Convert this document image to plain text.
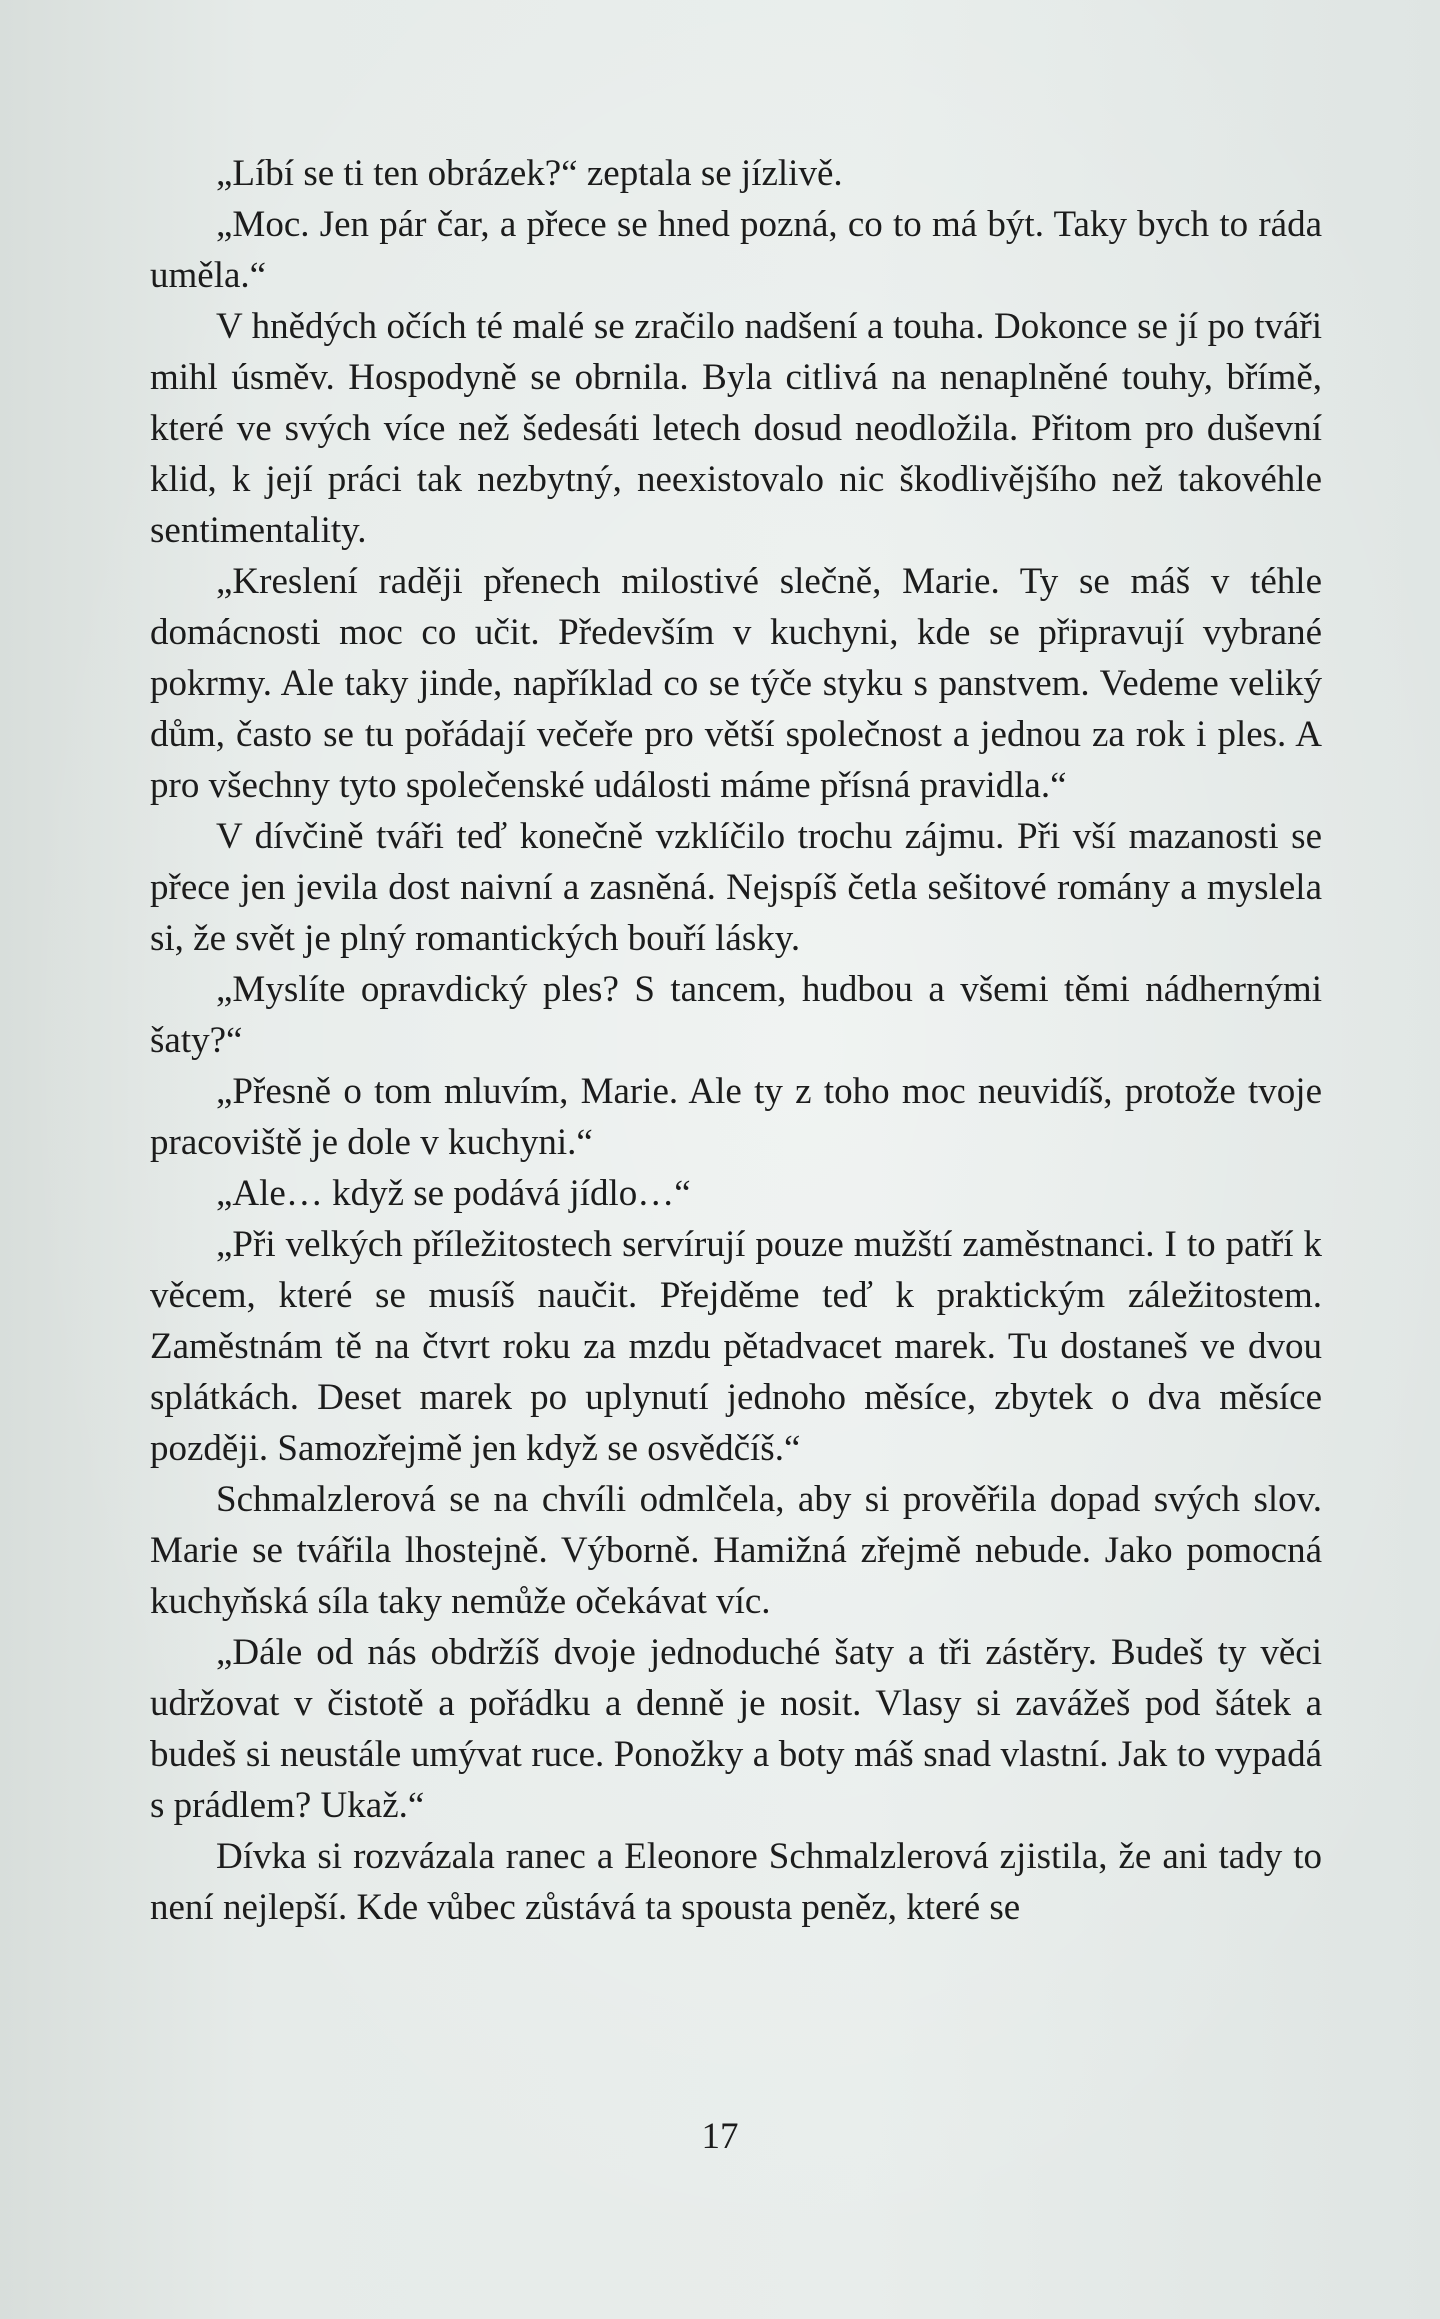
„Líbí se ti ten obrázek?“ zeptala se jízlivě.

„Moc. Jen pár čar, a přece se hned pozná, co to má být. Taky bych to ráda uměla.“

V hnědých očích té malé se zračilo nadšení a touha. Dokonce se jí po tváři mihl úsměv. Hospodyně se obrnila. Byla citlivá na nenaplněné touhy, břímě, které ve svých více než šedesáti letech dosud neodložila. Přitom pro duševní klid, k její práci tak nezbytný, neexistovalo nic škodlivějšího než takovéhle sentimentality.

„Kreslení raději přenech milostivé slečně, Marie. Ty se máš v téhle domácnosti moc co učit. Především v kuchyni, kde se připravují vybrané pokrmy. Ale taky jinde, například co se týče styku s panstvem. Vedeme veliký dům, často se tu pořádají večeře pro větší společnost a jednou za rok i ples. A pro všechny tyto společenské události máme přísná pravidla.“

V dívčině tváři teď konečně vzklíčilo trochu zájmu. Při vší mazanosti se přece jen jevila dost naivní a zasněná. Nejspíš četla sešitové romány a myslela si, že svět je plný romantických bouří lásky.

„Myslíte opravdický ples? S tancem, hudbou a všemi těmi nádhernými šaty?“

„Přesně o tom mluvím, Marie. Ale ty z toho moc neuvidíš, protože tvoje pracoviště je dole v kuchyni.“

„Ale… když se podává jídlo…“

„Při velkých příležitostech servírují pouze mužští zaměstnanci. I to patří k věcem, které se musíš naučit. Přejděme teď k praktickým záležitostem. Zaměstnám tě na čtvrt roku za mzdu pětadvacet marek. Tu dostaneš ve dvou splátkách. Deset marek po uplynutí jednoho měsíce, zbytek o dva měsíce později. Samozřejmě jen když se osvědčíš.“

Schmalzlerová se na chvíli odmlčela, aby si prověřila dopad svých slov. Marie se tvářila lhostejně. Výborně. Hamižná zřejmě nebude. Jako pomocná kuchyňská síla taky nemůže očekávat víc.

„Dále od nás obdržíš dvoje jednoduché šaty a tři zástěry. Budeš ty věci udržovat v čistotě a pořádku a denně je nosit. Vlasy si zavážeš pod šátek a budeš si neustále umývat ruce. Ponožky a boty máš snad vlastní. Jak to vypadá s prádlem? Ukaž.“

Dívka si rozvázala ranec a Eleonore Schmalzlerová zjistila, že ani tady to není nejlepší. Kde vůbec zůstává ta spousta peněz, které se

17
